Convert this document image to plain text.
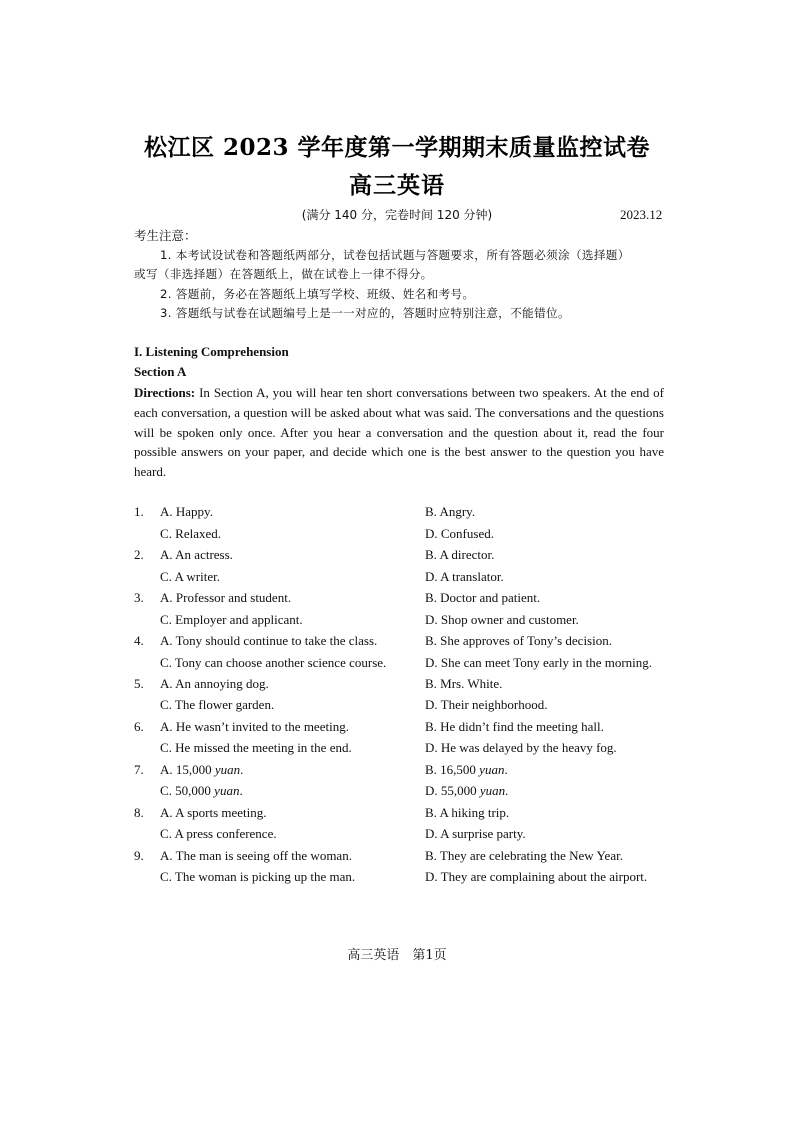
松江区 2023 学年度第一学期期末质量监控试卷
高三英语
(满分 140 分，完卷时间 120 分钟)	2023.12
考生注意：
1. 本考试设试卷和答题纸两部分，试卷包括试题与答题要求，所有答题必须涂（选择题）
或写（非选择题）在答题纸上，做在试卷上一律不得分。
2. 答题前，务必在答题纸上填写学校、班级、姓名和考号。
3. 答题纸与试卷在试题编号上是一一对应的，答题时应特别注意，不能错位。
I. Listening Comprehension
Section A
Directions: In Section A, you will hear ten short conversations between two speakers. At the end of each conversation, a question will be asked about what was said. The conversations and the questions will be spoken only once. After you hear a conversation and the question about it, read the four possible answers on your paper, and decide which one is the best answer to the question you have heard.
1. A. Happy.	B. Angry.
C. Relaxed.	D. Confused.
2. A. An actress.	B. A director.
C. A writer.	D. A translator.
3. A. Professor and student.	B. Doctor and patient.
C. Employer and applicant.	D. Shop owner and customer.
4. A. Tony should continue to take the class.	B. She approves of Tony’s decision.
C. Tony can choose another science course.	D. She can meet Tony early in the morning.
5. A. An annoying dog.	B. Mrs. White.
C. The flower garden.	D. Their neighborhood.
6. A. He wasn’t invited to the meeting.	B. He didn’t find the meeting hall.
C. He missed the meeting in the end.	D. He was delayed by the heavy fog.
7. A. 15,000 yuan.	B. 16,500 yuan.
C. 50,000 yuan.	D. 55,000 yuan.
8. A. A sports meeting.	B. A hiking trip.
C. A press conference.	D. A surprise party.
9. A. The man is seeing off the woman.	B. They are celebrating the New Year.
C. The woman is picking up the man.	D. They are complaining about the airport.
高三英语　第1页
